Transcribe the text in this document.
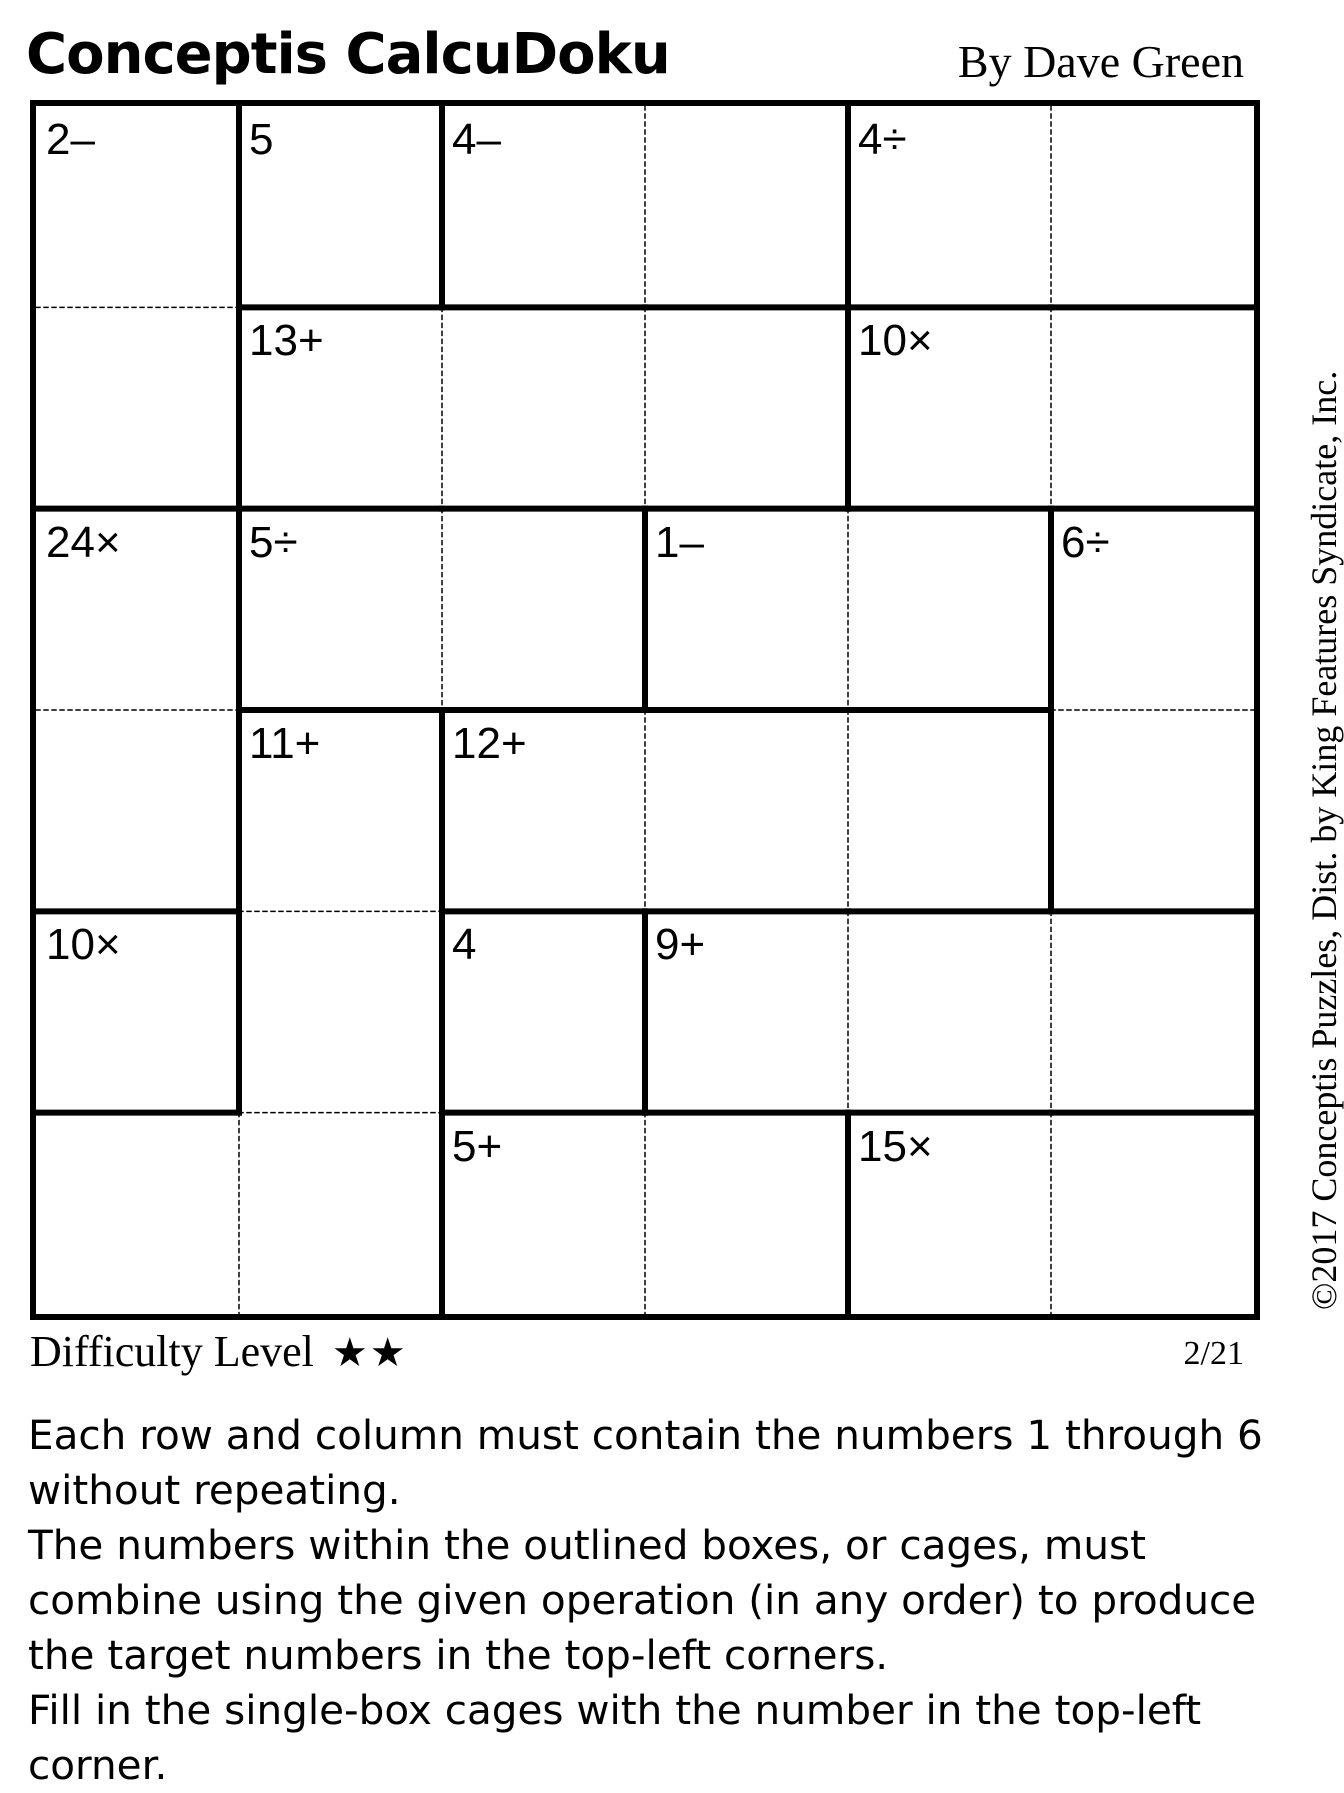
Conceptis CalcuDoku	By Dave Green
2–	5	4–	4÷
13+	10×
24×	5÷	1–	6÷
11+	12+
10×	4	9+
5+	15×	©2017 Conceptis Puzzles, Dist. by King Features Syndicate, Inc.
Difficulty Level ★★	2/21

Each row and column must contain the numbers 1 through 6 without repeating.

The numbers within the outlined boxes, or cages, must combine using the given operation (in any order) to produce the target numbers in the top-left corners.

Fill in the single-box cages with the number in the top-left corner.
